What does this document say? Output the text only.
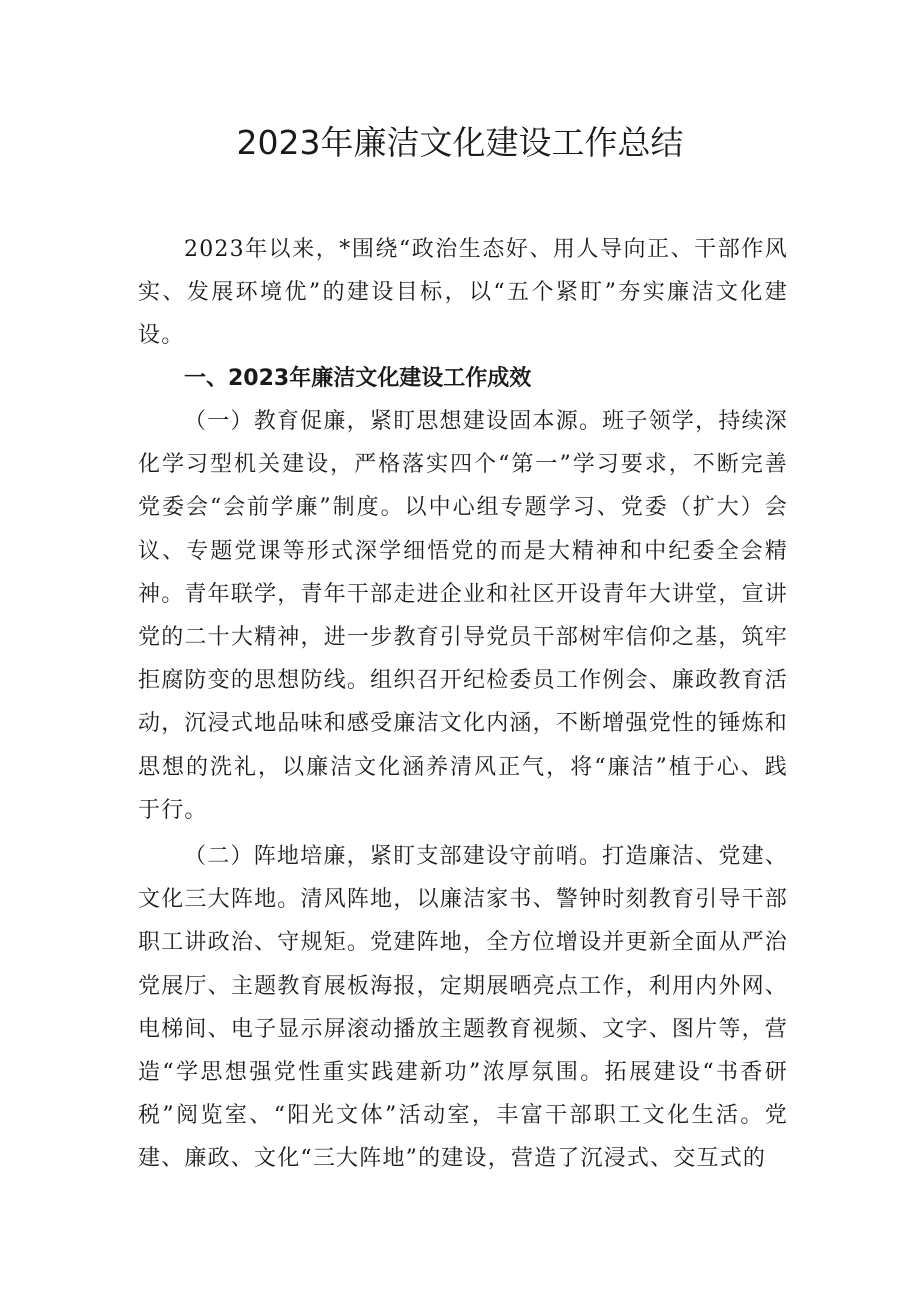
2023年廉洁文化建设工作总结

2023年以来，*围绕“政治生态好、用人导向正、干部作风实、发展环境优”的建设目标，以“五个紧盯”夯实廉洁文化建设。

一、2023年廉洁文化建设工作成效

（一）教育促廉，紧盯思想建设固本源。班子领学，持续深化学习型机关建设，严格落实四个“第一”学习要求，不断完善党委会“会前学廉”制度。以中心组专题学习、党委（扩大）会议、专题党课等形式深学细悟党的而是大精神和中纪委全会精神。青年联学，青年干部走进企业和社区开设青年大讲堂，宣讲党的二十大精神，进一步教育引导党员干部树牢信仰之基，筑牢拒腐防变的思想防线。组织召开纪检委员工作例会、廉政教育活动，沉浸式地品味和感受廉洁文化内涵，不断增强党性的锤炼和思想的洗礼，以廉洁文化涵养清风正气，将“廉洁”植于心、践于行。

（二）阵地培廉，紧盯支部建设守前哨。打造廉洁、党建、文化三大阵地。清风阵地，以廉洁家书、警钟时刻教育引导干部职工讲政治、守规矩。党建阵地，全方位增设并更新全面从严治党展厅、主题教育展板海报，定期展晒亮点工作，利用内外网、电梯间、电子显示屏滚动播放主题教育视频、文字、图片等，营造“学思想强党性重实践建新功”浓厚氛围。拓展建设“书香研税”阅览室、“阳光文体”活动室，丰富干部职工文化生活。党建、廉政、文化“三大阵地”的建设，营造了沉浸式、交互式的
